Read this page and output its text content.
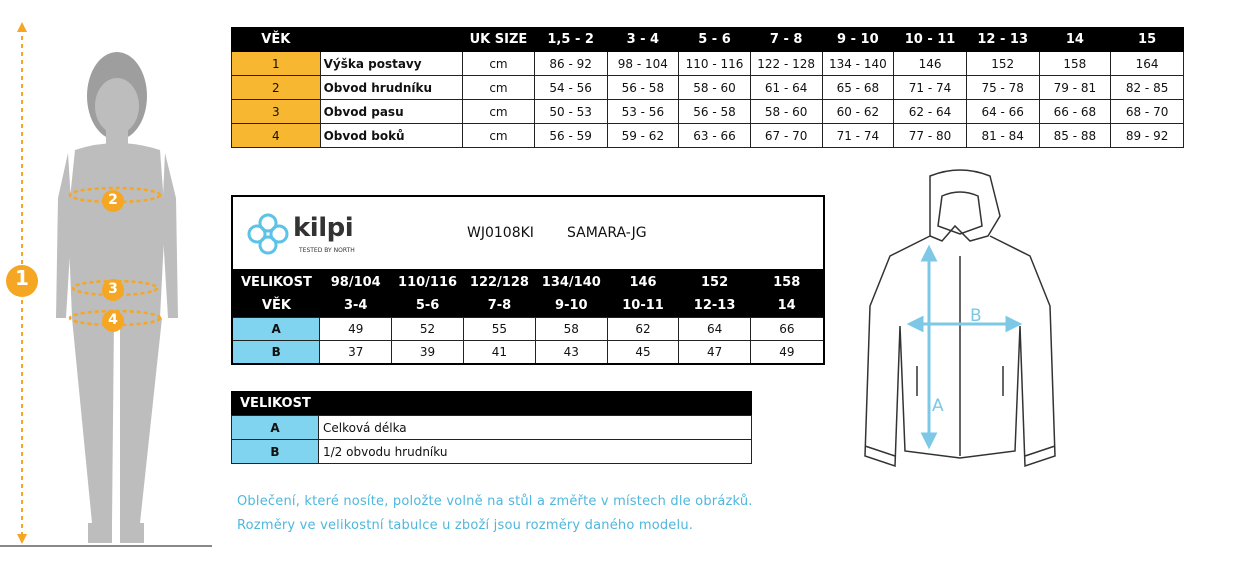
1
2
3
4
VĚK		UK SIZE	1,5 - 2	3 - 4	5 - 6	7 - 8	9 - 10	10 - 11	12 - 13	14	15
1	Výška postavy	cm	86 - 92	98 - 104	110 - 116	122 - 128	134 - 140	146	152	158	164
2	Obvod hrudníku	cm	54 - 56	56 - 58	58 - 60	61 - 64	65 - 68	71 - 74	75 - 78	79 - 81	82 - 85
3	Obvod pasu	cm	50 - 53	53 - 56	56 - 58	58 - 60	60 - 62	62 - 64	64 - 66	66 - 68	68 - 70
4	Obvod boků	cm	56 - 59	59 - 62	63 - 66	67 - 70	71 - 74	77 - 80	81 - 84	85 - 88	89 - 92
kilpi
TESTED BY NORTH
WJ0108KI SAMARA-JG
VELIKOST	98/104	110/116	122/128	134/140	146	152	158
VĚK	3-4	5-6	7-8	9-10	10-11	12-13	14
A	49	52	55	58	62	64	66
B	37	39	41	43	45	47	49
VELIKOST	
A	Celková délka
B	1/2 obvodu hrudníku
Oblečení, které nosíte, položte volně na stůl a změřte v místech dle obrázků.
Rozměry ve velikostní tabulce u zboží jsou rozměry daného modelu.
A
B
